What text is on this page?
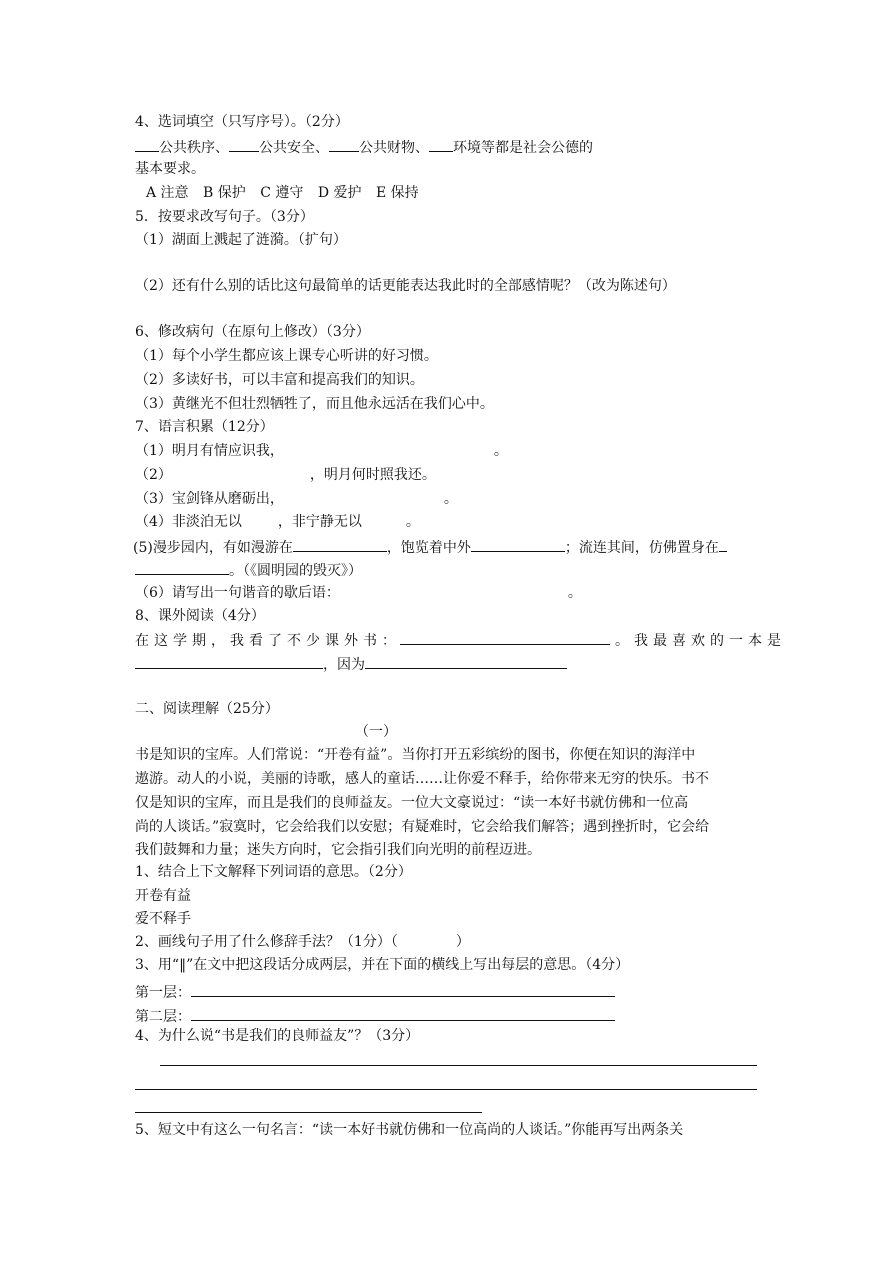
4、选词填空（只写序号）。（2分）
公共秩序、 公共安全、 公共财物、 环境等都是社会公德的
基本要求。
A 注意 B 保护 C 遵守 D 爱护 E 保持
5．按要求改写句子。（3分）
（1）湖面上溅起了涟漪。（扩句）
（2）还有什么别的话比这句最简单的话更能表达我此时的全部感情呢？（改为陈述句）
6、修改病句（在原句上修改）（3分）
（1）每个小学生都应该上课专心听讲的好习惯。
（2）多读好书，可以丰富和提高我们的知识。
（3）黄继光不但壮烈牺牲了，而且他永远活在我们心中。
7、语言积累（12分）
（1）明月有情应识我，	。
（2）	，明月何时照我还。
（3）宝剑锋从磨砺出，	。
（4）非淡泊无以	，非宁静无以	。
(5)漫步园内，有如漫游在	，饱览着中外	；流连其间，仿佛置身在
。（《圆明园的毁灭》）
（6）请写出一句谐音的歇后语：	。
8、课外阅读（4分）
在 这 学 期 ， 我 看 了 不 少 课 外 书 ：	。 我 最 喜 欢 的 一 本 是
，因为
二、阅读理解（25分）
（一）
书是知识的宝库。人们常说：“开卷有益”。当你打开五彩缤纷的图书，你便在知识的海洋中
遨游。动人的小说，美丽的诗歌，感人的童话……让你爱不释手，给你带来无穷的快乐。书不
仅是知识的宝库，而且是我们的良师益友。一位大文豪说过：“读一本好书就仿佛和一位高
尚的人谈话。”寂寞时，它会给我们以安慰；有疑难时，它会给我们解答；遇到挫折时，它会给
我们鼓舞和力量；迷失方向时，它会指引我们向光明的前程迈进。
1、结合上下文解释下列词语的意思。（2分）
开卷有益
爱不释手
2、画线句子用了什么修辞手法？（1分）（	）
3、用“‖”在文中把这段话分成两层，并在下面的横线上写出每层的意思。（4分）
第一层：
第二层：
4、为什么说“书是我们的良师益友”？（3分）
5、短文中有这么一句名言：“读一本好书就仿佛和一位高尚的人谈话。”你能再写出两条关
